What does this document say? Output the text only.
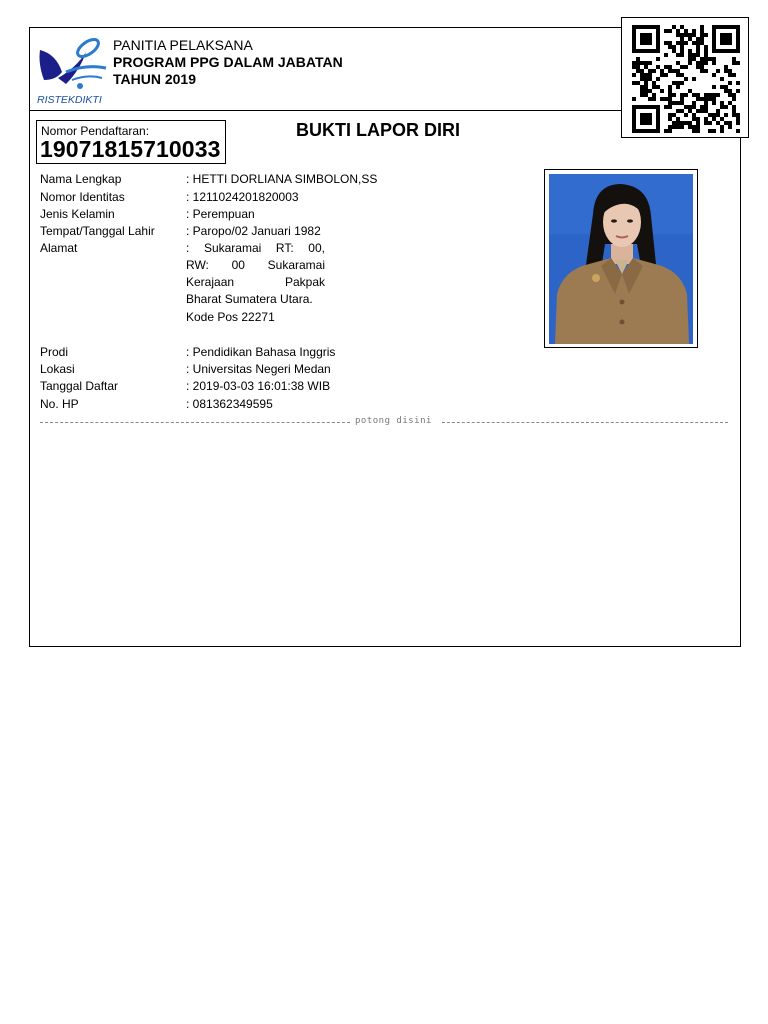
RISTEKDIKTI
PANITIA PELAKSANA
PROGRAM PPG DALAM JABATAN
TAHUN 2019
Nomor Pendaftaran:
19071815710033
BUKTI LAPOR DIRI
Nama Lengkap	: HETTI DORLIANA SIMBOLON,SS
Nomor Identitas	: 1211024201820003
Jenis Kelamin	: Perempuan
Tempat/Tanggal Lahir	: Paropo/02 Januari 1982
Alamat	: Sukaramai RT: 00,
RW: 00 Sukaramai
Kerajaan Pakpak
Bharat Sumatera Utara.
Kode Pos 22271
Prodi	: Pendidikan Bahasa Inggris
Lokasi	: Universitas Negeri Medan
Tanggal Daftar	: 2019-03-03 16:01:38 WIB
No. HP	: 081362349595
potong disini
